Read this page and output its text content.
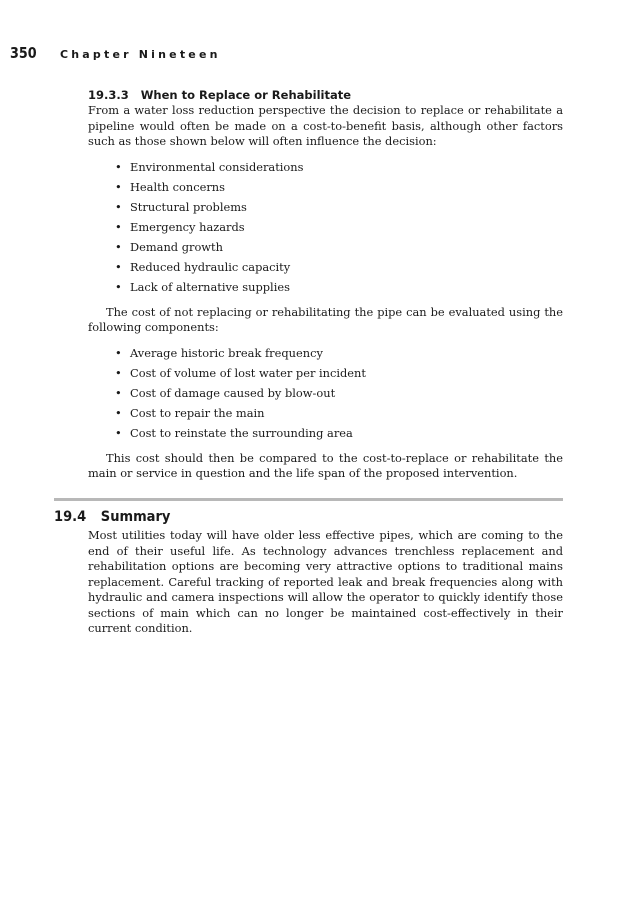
350 Chapter Nineteen
19.3.3 When to Replace or Rehabilitate

From a water loss reduction perspective the decision to replace or rehabilitate a pipeline would often be made on a cost-to-benefit basis, although other factors such as those shown below will often influence the decision:

• Environmental considerations
• Health concerns
• Structural problems
• Emergency hazards
• Demand growth
• Reduced hydraulic capacity
• Lack of alternative supplies

The cost of not replacing or rehabilitating the pipe can be evaluated using the following components:

• Average historic break frequency
• Cost of volume of lost water per incident
• Cost of damage caused by blow-out
• Cost to repair the main
• Cost to reinstate the surrounding area

This cost should then be compared to the cost-to-replace or rehabilitate the main or service in question and the life span of the proposed intervention.

19.4	Summary

Most utilities today will have older less effective pipes, which are coming to the end of their useful life. As technology advances trenchless replacement and rehabilitation options are becoming very attractive options to traditional mains replacement. Careful tracking of reported leak and break frequencies along with hydraulic and camera inspections will allow the operator to quickly identify those sections of main which can no longer be maintained cost-effectively in their current condition.
